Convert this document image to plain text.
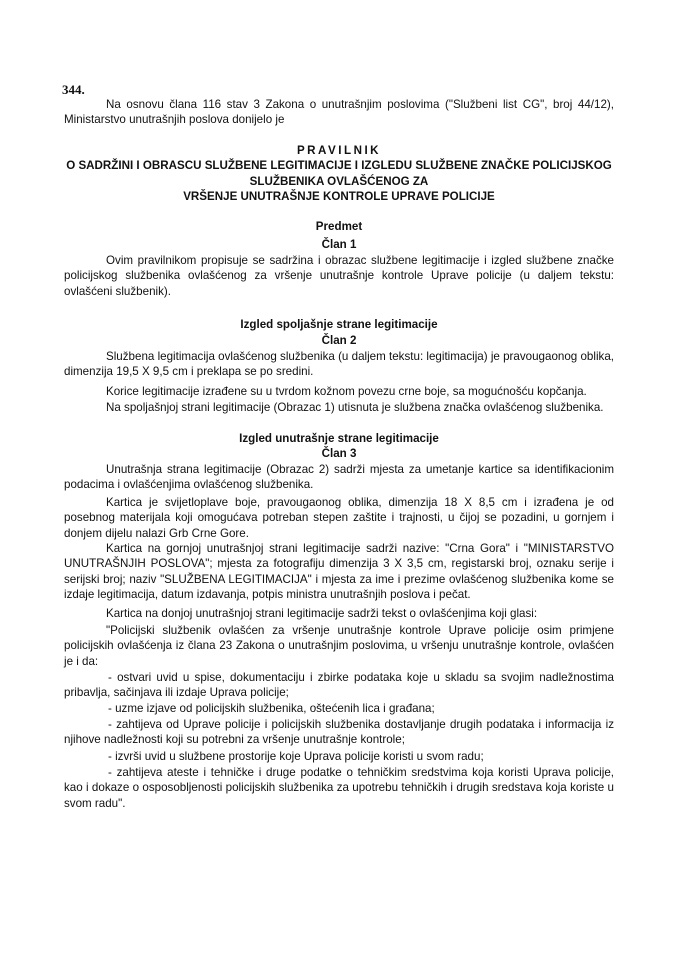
344.
Na osnovu člana 116 stav 3 Zakona o unutrašnjim poslovima ("Službeni list CG", broj 44/12), Ministarstvo unutrašnjih poslova donijelo je
PRAVILNIK
O SADRŽINI I OBRASCU SLUŽBENE LEGITIMACIJE I IZGLEDU SLUŽBENE ZNAČKE POLICIJSKOG
SLUŽBENIKA OVLAŠĆENOG ZA
VRŠENJE UNUTRAŠNJE KONTROLE UPRAVE POLICIJE
Predmet
Član 1
Ovim pravilnikom propisuje se sadržina i obrazac službene legitimacije i izgled službene značke policijskog službenika ovlašćenog za vršenje unutrašnje kontrole Uprave policije (u daljem tekstu: ovlašćeni službenik).
Izgled spoljašnje strane legitimacije
Član 2
Službena legitimacija ovlašćenog službenika (u daljem tekstu: legitimacija) je pravougaonog oblika, dimenzija 19,5 X 9,5 cm i preklapa se po sredini.
Korice legitimacije izrađene su u tvrdom kožnom povezu crne boje, sa mogućnošću kopčanja.
Na spoljašnjoj strani legitimacije (Obrazac 1) utisnuta je službena značka ovlašćenog službenika.
Izgled unutrašnje strane legitimacije
Član 3
Unutrašnja strana legitimacije (Obrazac 2) sadrži mjesta za umetanje kartice sa identifikacionim podacima i ovlašćenjima ovlašćenog službenika.
Kartica je svijetloplave boje, pravougaonog oblika, dimenzija 18 X 8,5 cm i izrađena je od posebnog materijala koji omogućava potreban stepen zaštite i trajnosti, u čijoj se pozadini, u gornjem i donjem dijelu nalazi Grb Crne Gore.
Kartica na gornjoj unutrašnjoj strani legitimacije sadrži nazive: "Crna Gora" i "MINISTARSTVO UNUTRAŠNJIH POSLOVA"; mjesta za fotografiju dimenzija 3 X 3,5 cm, registarski broj, oznaku serije i serijski broj; naziv "SLUŽBENA LEGITIMACIJA" i mjesta za ime i prezime ovlašćenog službenika kome se izdaje legitimacija, datum izdavanja, potpis ministra unutrašnjih poslova i pečat.
Kartica na donjoj unutrašnjoj strani legitimacije sadrži tekst o ovlašćenjima koji glasi:
"Policijski službenik ovlašćen za vršenje unutrašnje kontrole Uprave policije osim primjene policijskih ovlašćenja iz člana 23 Zakona o unutrašnjim poslovima, u vršenju unutrašnje kontrole, ovlašćen je i da:
- ostvari uvid u spise, dokumentaciju i zbirke podataka koje u skladu sa svojim nadležnostima pribavlja, sačinjava ili izdaje Uprava policije;
- uzme izjave od policijskih službenika, oštećenih lica i građana;
- zahtijeva od Uprave policije i policijskih službenika dostavljanje drugih podataka i informacija iz njihove nadležnosti koji su potrebni za vršenje unutrašnje kontrole;
- izvrši uvid u službene prostorije koje Uprava policije koristi u svom radu;
- zahtijeva ateste i tehničke i druge podatke o tehničkim sredstvima koja koristi Uprava policije, kao i dokaze o osposobljenosti policijskih službenika za upotrebu tehničkih i drugih sredstava koja koriste u svom radu".
